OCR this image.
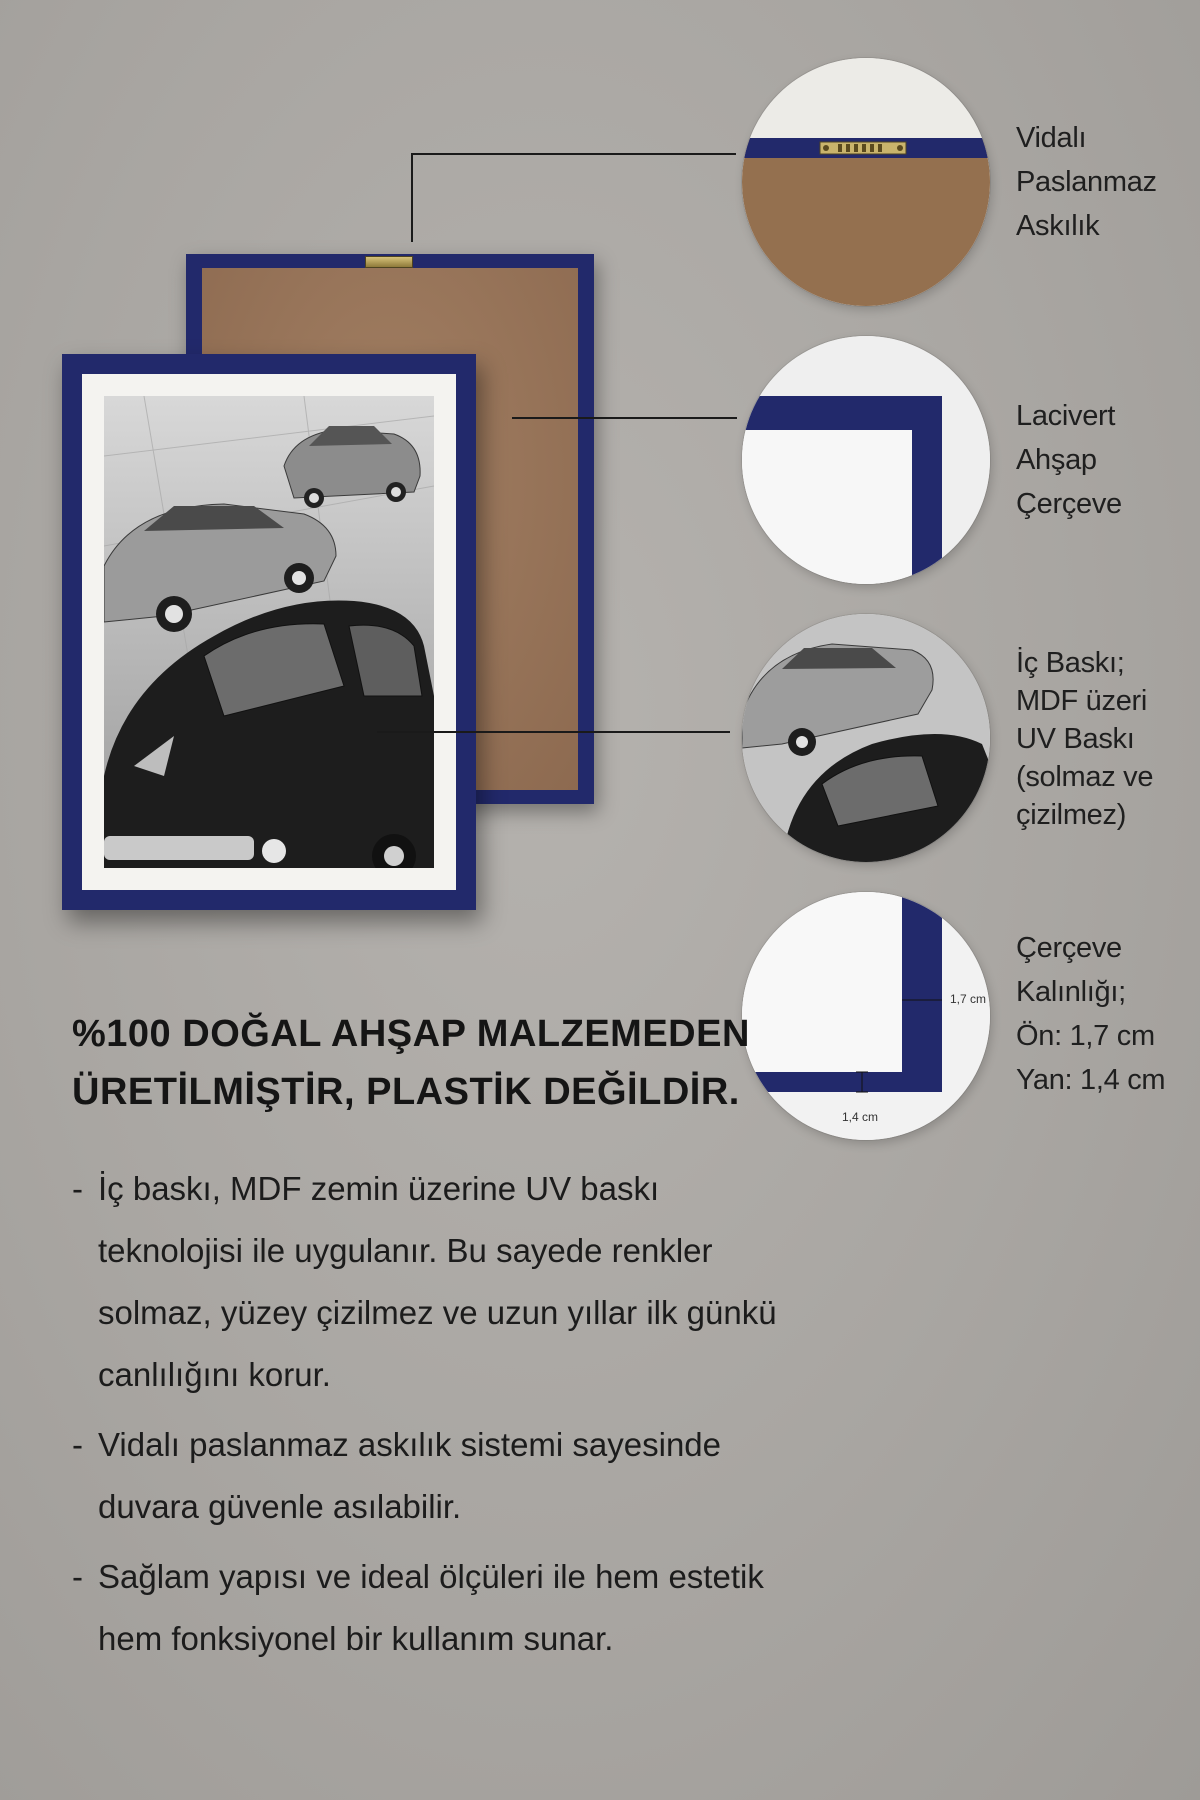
1,7 cm
1,4 cm
Vidalı
Paslanmaz
Askılık
Lacivert
Ahşap
Çerçeve
İç Baskı;
MDF üzeri
UV Baskı
(solmaz ve
çizilmez)
Çerçeve
Kalınlığı;
Ön: 1,7 cm
Yan: 1,4 cm
%100 DOĞAL AHŞAP MALZEMEDEN
ÜRETİLMİŞTİR, PLASTİK DEĞİLDİR.
- İç baskı, MDF zemin üzerine UV baskı teknolojisi ile uygulanır. Bu sayede renkler solmaz, yüzey çizilmez ve uzun yıllar ilk günkü canlılığını korur.
- Vidalı paslanmaz askılık sistemi sayesinde duvara güvenle asılabilir.
- Sağlam yapısı ve ideal ölçüleri ile hem estetik hem fonksiyonel bir kullanım sunar.
